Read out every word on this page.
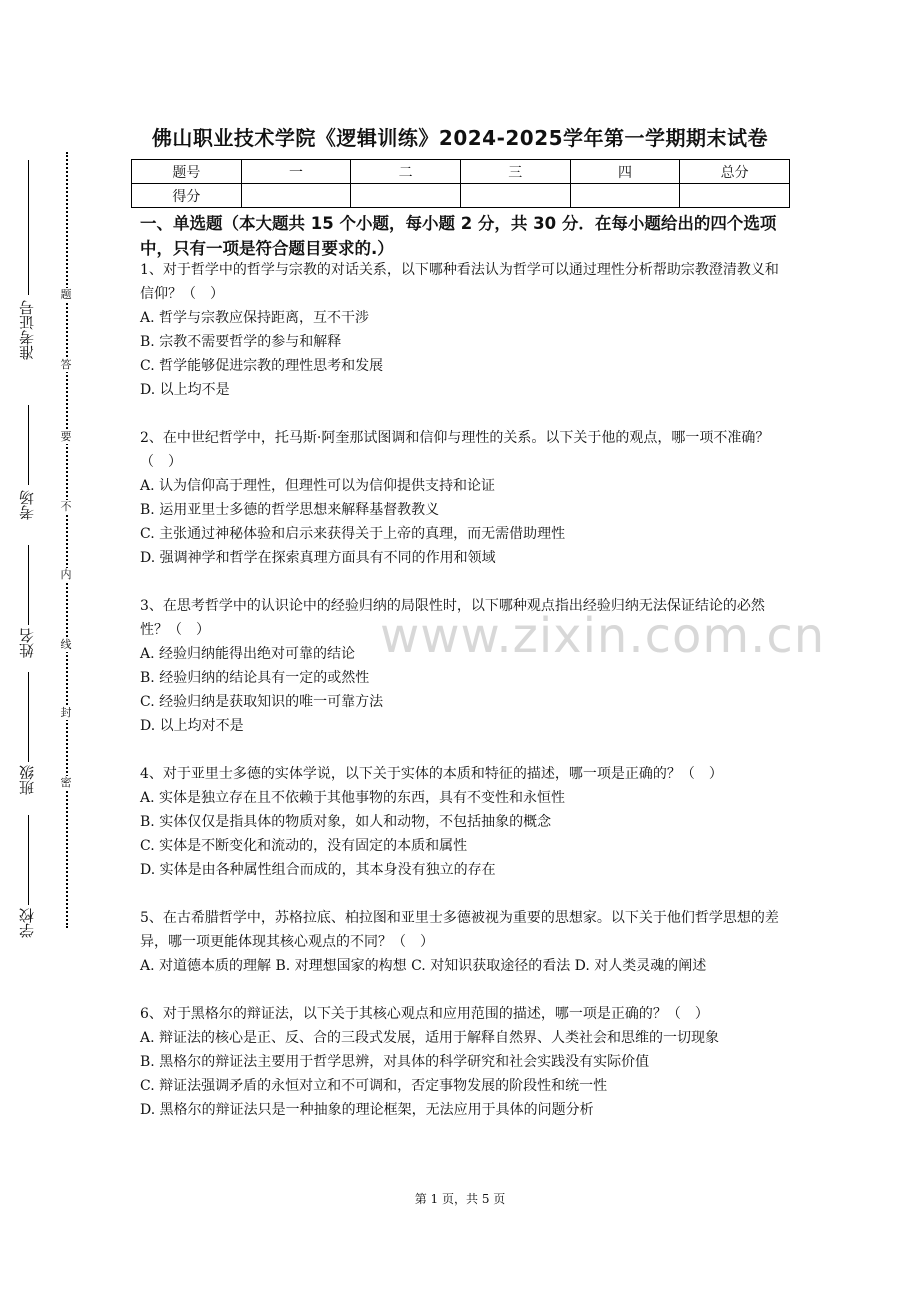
准考证号
考场
姓名
班级
学校
题
答
要
不
内
线
封
密
佛山职业技术学院《逻辑训练》2024-2025学年第一学期期末试卷
题号	一	二	三	四	总分
得分					
一、单选题（本大题共 15 个小题，每小题 2 分，共 30 分．在每小题给出的四个选项中，只有一项是符合题目要求的.）
www.zixin.com.cn

1、对于哲学中的哲学与宗教的对话关系，以下哪种看法认为哲学可以通过理性分析帮助宗教澄清教义和信仰？（　）

A. 哲学与宗教应保持距离，互不干涉

B. 宗教不需要哲学的参与和解释

C. 哲学能够促进宗教的理性思考和发展

D. 以上均不是

2、在中世纪哲学中，托马斯·阿奎那试图调和信仰与理性的关系。以下关于他的观点，哪一项不准确？（　）

A. 认为信仰高于理性，但理性可以为信仰提供支持和论证

B. 运用亚里士多德的哲学思想来解释基督教教义

C. 主张通过神秘体验和启示来获得关于上帝的真理，而无需借助理性

D. 强调神学和哲学在探索真理方面具有不同的作用和领域

3、在思考哲学中的认识论中的经验归纳的局限性时，以下哪种观点指出经验归纳无法保证结论的必然性？（　）

A. 经验归纳能得出绝对可靠的结论

B. 经验归纳的结论具有一定的或然性

C. 经验归纳是获取知识的唯一可靠方法

D. 以上均对不是

4、对于亚里士多德的实体学说，以下关于实体的本质和特征的描述，哪一项是正确的？（　）

A. 实体是独立存在且不依赖于其他事物的东西，具有不变性和永恒性

B. 实体仅仅是指具体的物质对象，如人和动物，不包括抽象的概念

C. 实体是不断变化和流动的，没有固定的本质和属性

D. 实体是由各种属性组合而成的，其本身没有独立的存在

5、在古希腊哲学中，苏格拉底、柏拉图和亚里士多德被视为重要的思想家。以下关于他们哲学思想的差异，哪一项更能体现其核心观点的不同？（　）

A. 对道德本质的理解 B. 对理想国家的构想 C. 对知识获取途径的看法 D. 对人类灵魂的阐述

6、对于黑格尔的辩证法，以下关于其核心观点和应用范围的描述，哪一项是正确的？（　）

A. 辩证法的核心是正、反、合的三段式发展，适用于解释自然界、人类社会和思维的一切现象

B. 黑格尔的辩证法主要用于哲学思辨，对具体的科学研究和社会实践没有实际价值

C. 辩证法强调矛盾的永恒对立和不可调和，否定事物发展的阶段性和统一性

D. 黑格尔的辩证法只是一种抽象的理论框架，无法应用于具体的问题分析

第 1 页，共 5 页
